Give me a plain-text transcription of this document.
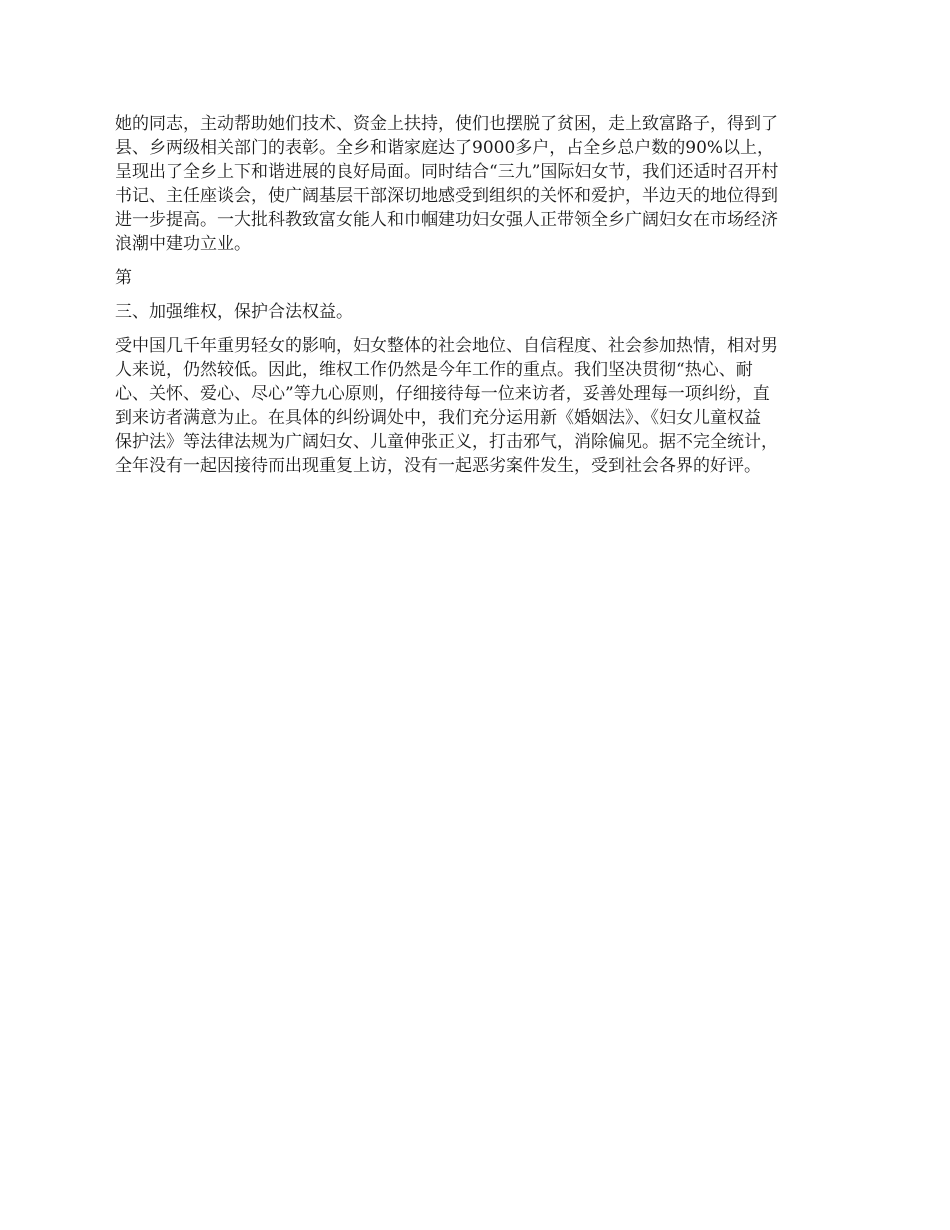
她的同志，主动帮助她们技术、资金上扶持，使们也摆脱了贫困，走上致富路子，得到了
县、乡两级相关部门的表彰。全乡和谐家庭达了9000多户，占全乡总户数的90%以上，
呈现出了全乡上下和谐进展的良好局面。同时结合“三九”国际妇女节，我们还适时召开村
书记、主任座谈会，使广阔基层干部深切地感受到组织的关怀和爱护，半边天的地位得到
进一步提高。一大批科教致富女能人和巾帼建功妇女强人正带领全乡广阔妇女在市场经济
浪潮中建功立业。
第
三、加强维权，保护合法权益。
受中国几千年重男轻女的影响，妇女整体的社会地位、自信程度、社会参加热情，相对男
人来说，仍然较低。因此，维权工作仍然是今年工作的重点。我们坚决贯彻“热心、耐
心、关怀、爱心、尽心”等九心原则，仔细接待每一位来访者，妥善处理每一项纠纷，直
到来访者满意为止。在具体的纠纷调处中，我们充分运用新《婚姻法》、《妇女儿童权益
保护法》等法律法规为广阔妇女、儿童伸张正义，打击邪气，消除偏见。据不完全统计，
全年没有一起因接待而出现重复上访，没有一起恶劣案件发生，受到社会各界的好评。
